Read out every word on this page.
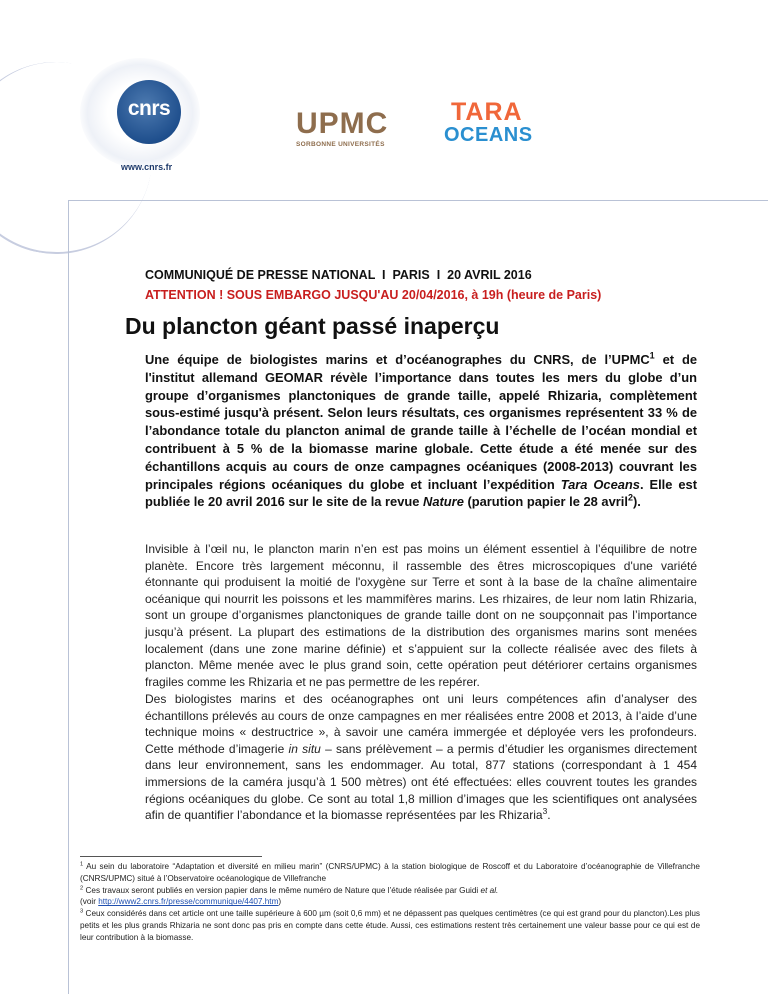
cnrs
www.cnrs.fr
UPMC
SORBONNE UNIVERSITÉS
TARA
OCEANS
COMMUNIQUÉ DE PRESSE NATIONAL  I  PARIS  I  20 AVRIL 2016
ATTENTION ! SOUS EMBARGO JUSQU'AU 20/04/2016, à 19h (heure de Paris)
Du plancton géant passé inaperçu
Une équipe de biologistes marins et d’océanographes du CNRS, de l’UPMC$^1$ et de l'institut allemand GEOMAR révèle l’importance dans toutes les mers du globe d’un groupe d’organismes planctoniques de grande taille, appelé Rhizaria, complètement sous-estimé jusqu'à présent. Selon leurs résultats, ces organismes représentent 33 % de l’abondance totale du plancton animal de grande taille à l’échelle de l’océan mondial et contribuent à 5 % de la biomasse marine globale. Cette étude a été menée sur des échantillons acquis au cours de onze campagnes océaniques (2008-2013) couvrant les principales régions océaniques du globe et incluant l’expédition Tara Oceans. Elle est publiée le 20 avril 2016 sur le site de la revue Nature (parution papier le 28 avril$^2$).
Invisible à l’œil nu, le plancton marin n’en est pas moins un élément essentiel à l’équilibre de notre planète. Encore très largement méconnu, il rassemble des êtres microscopiques d'une variété étonnante qui produisent la moitié de l'oxygène sur Terre et sont à la base de la chaîne alimentaire océanique qui nourrit les poissons et les mammifères marins. Les rhizaires, de leur nom latin Rhizaria, sont un groupe d’organismes planctoniques de grande taille dont on ne soupçonnait pas l’importance jusqu’à présent. La plupart des estimations de la distribution des organismes marins sont menées localement (dans une zone marine définie) et s’appuient sur la collecte réalisée avec des filets à plancton. Même menée avec le plus grand soin, cette opération peut détériorer certains organismes fragiles comme les Rhizaria et ne pas permettre de les repérer.
Des biologistes marins et des océanographes ont uni leurs compétences afin d’analyser des échantillons prélevés au cours de onze campagnes en mer réalisées entre 2008 et 2013, à l’aide d’une technique moins « destructrice », à savoir une caméra immergée et déployée vers les profondeurs. Cette méthode d’imagerie in situ – sans prélèvement – a permis d’étudier les organismes directement dans leur environnement, sans les endommager. Au total, 877 stations (correspondant à 1 454 immersions de la caméra jusqu’à 1 500 mètres) ont été effectuées: elles couvrent toutes les grandes régions océaniques du globe. Ce sont au total 1,8 million d’images que les scientifiques ont analysées afin de quantifier l’abondance et la biomasse représentées par les Rhizaria$^3$.

$^1$ Au sein du laboratoire “Adaptation et diversité en milieu marin” (CNRS/UPMC) à la station biologique de Roscoff et du Laboratoire d’océanographie de Villefranche (CNRS/UPMC) situé à l’Observatoire océanologique de Villefranche

$^2$ Ces travaux seront publiés en version papier dans le même numéro de Nature que l’étude réalisée par Guidi et al.
(voir http://www2.cnrs.fr/presse/communique/4407.htm)

$^3$ Ceux considérés dans cet article ont une taille supérieure à 600 µm (soit 0,6 mm) et ne dépassent pas quelques centimètres (ce qui est grand pour du plancton).Les plus petits et les plus grands Rhizaria ne sont donc pas pris en compte dans cette étude. Aussi, ces estimations restent très certainement une valeur basse pour ce qui est de leur contribution à la biomasse.
